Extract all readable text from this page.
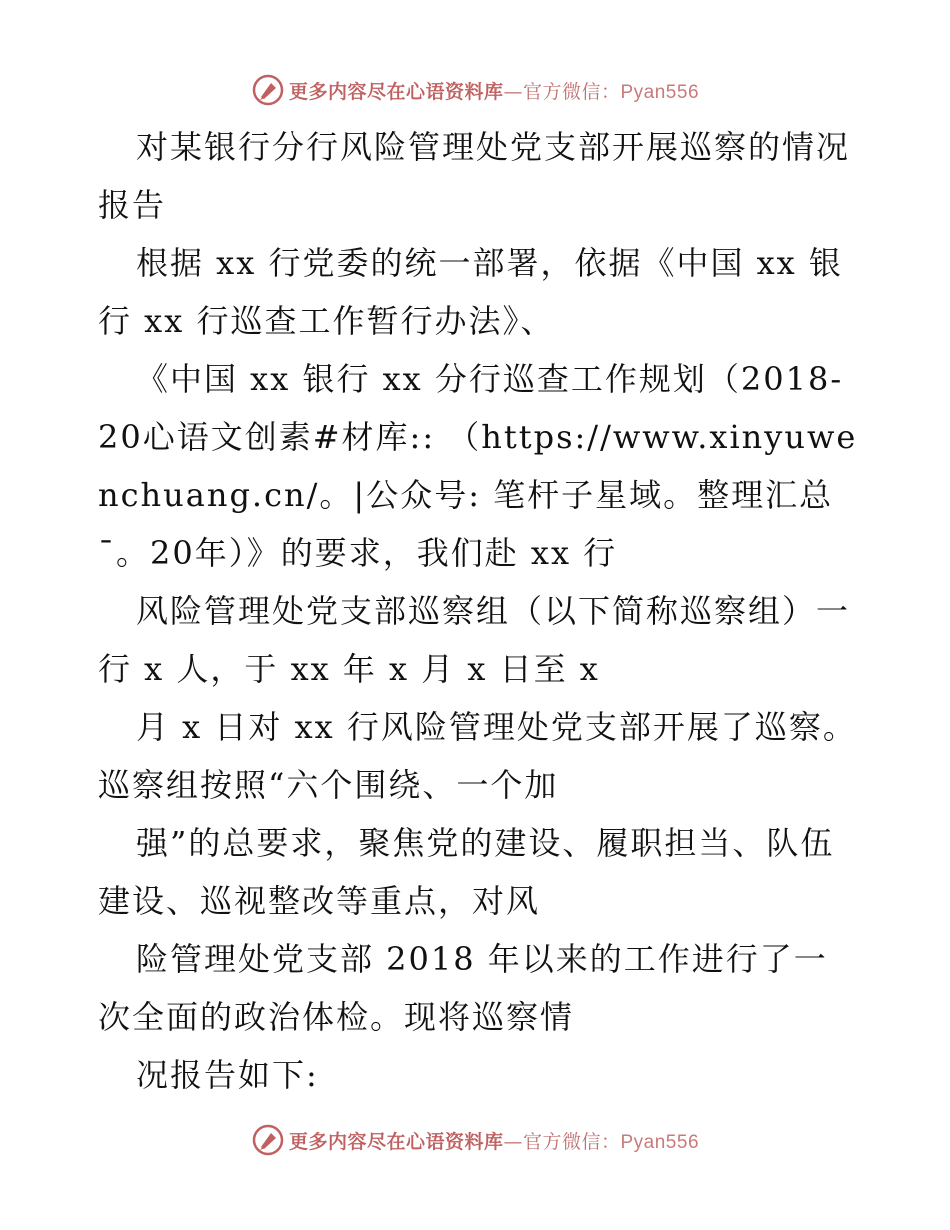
更多内容尽在心语资料库—官方微信：Pyan556

对某银行分行风险管理处党支部开展巡察的情况报告

根据 xx 行党委的统一部署，依据《中国 xx 银行 xx 行巡查工作暂行办法》、

《中国 xx 银行 xx 分行巡查工作规划（2018-20心语文创素#材库:: （https://www.xinyuwenchuang.cn/。|公众号: 笔杆子星域。整理汇总¯。20年）》的要求，我们赴 xx 行

风险管理处党支部巡察组（以下简称巡察组）一行 x 人，于 xx 年 x 月 x 日至 x

月 x 日对 xx 行风险管理处党支部开展了巡察。巡察组按照“六个围绕、一个加

强”的总要求，聚焦党的建设、履职担当、队伍建设、巡视整改等重点，对风

险管理处党支部 2018 年以来的工作进行了一次全面的政治体检。现将巡察情

况报告如下:

更多内容尽在心语资料库—官方微信：Pyan556
